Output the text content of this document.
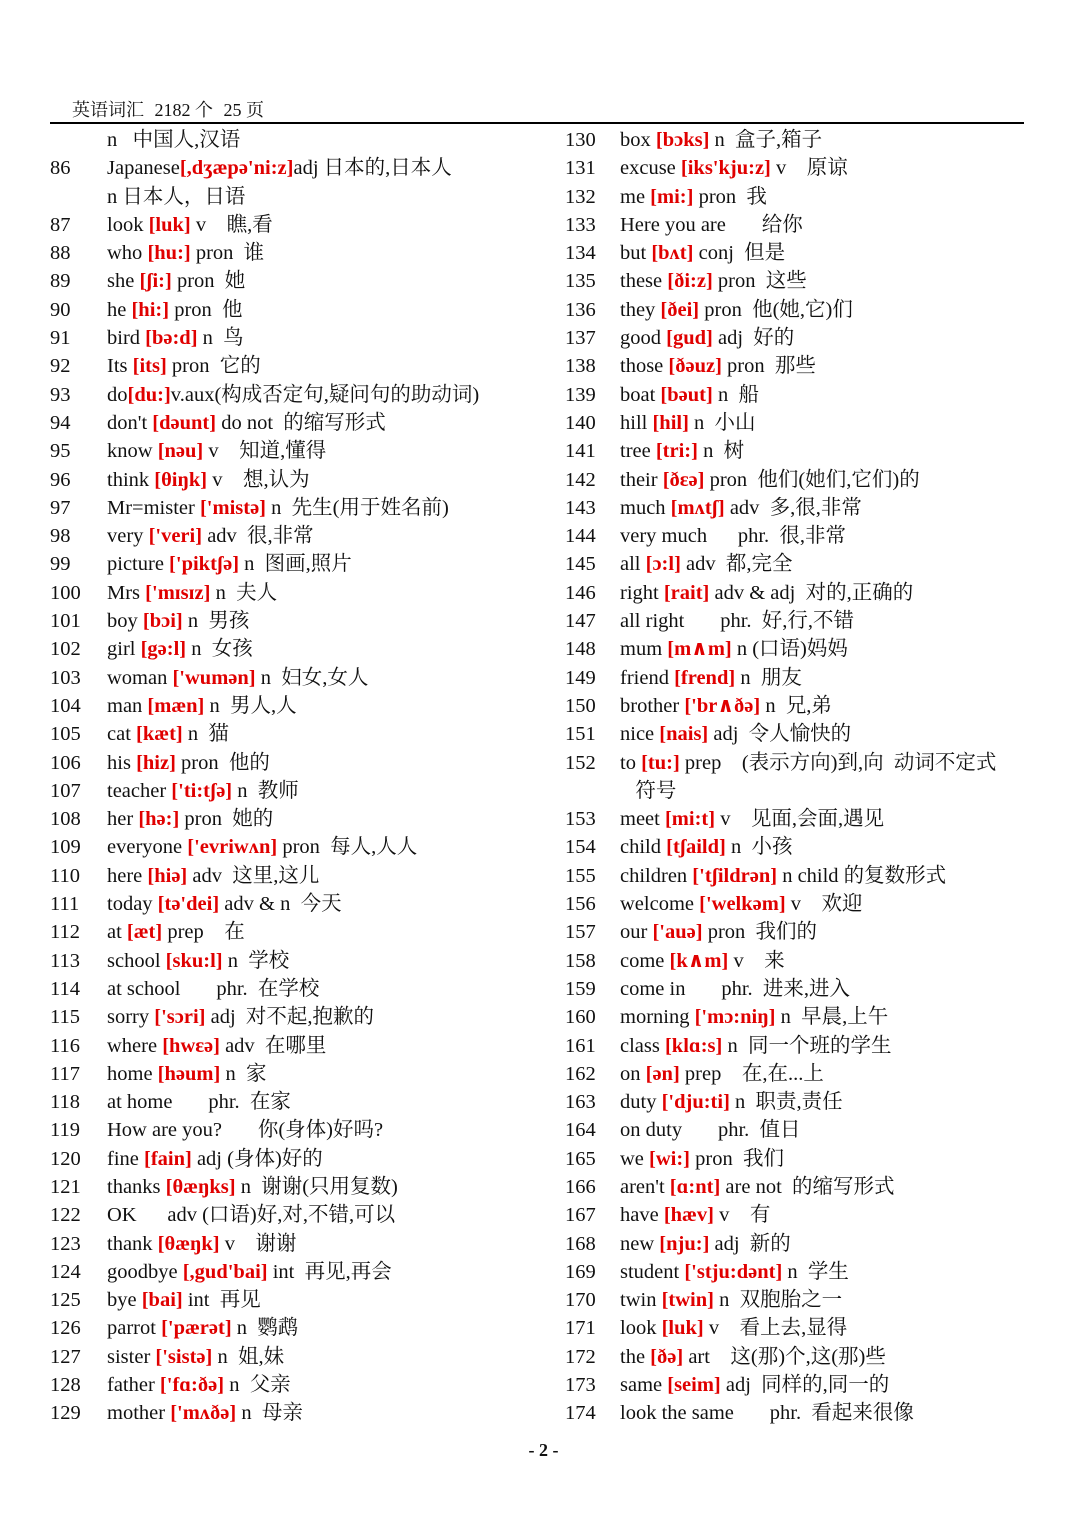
英语词汇 2182 个 25 页
n   中国人,汉语
86	Japanese[,dʒæpə'ni:z]adj 日本的,日本人
n 日本人，日语
87	look [luk] v    瞧,看
88	who [hu:] pron  谁
89	she [ʃi:] pron  她
90	he [hi:] pron  他
91	bird [bə:d] n  鸟
92	Its [its] pron  它的
93	do[du:]v.aux(构成否定句,疑问句的助动词)
94	don't [dəunt] do not  的缩写形式
95	know [nəu] v    知道,懂得
96	think [θiŋk] v    想,认为
97	Mr=mister ['mistə] n  先生(用于姓名前)
98	very ['veri] adv  很,非常
99	picture ['piktʃə] n  图画,照片
100	Mrs ['mɪsɪz] n  夫人
101	boy [bɔi] n  男孩
102	girl [gə:l] n  女孩
103	woman ['wumən] n  妇女,女人
104	man [mæn] n  男人,人
105	cat [kæt] n  猫
106	his [hiz] pron  他的
107	teacher ['ti:tʃə] n  教师
108	her [hə:] pron  她的
109	everyone ['evriwʌn] pron  每人,人人
110	here [hiə] adv  这里,这儿
111	today [tə'dei] adv & n  今天
112	at [æt] prep    在
113	school [sku:l] n  学校
114	at school       phr.  在学校
115	sorry ['sɔri] adj  对不起,抱歉的
116	where [hwɛə] adv  在哪里
117	home [həum] n  家
118	at home       phr.  在家
119	How are you?       你(身体)好吗?
120	fine [fain] adj (身体)好的
121	thanks [θæŋks] n  谢谢(只用复数)
122	OK      adv (口语)好,对,不错,可以
123	thank [θæŋk] v    谢谢
124	goodbye [,gud'bai] int  再见,再会
125	bye [bai] int  再见
126	parrot ['pærət] n  鹦鹉
127	sister ['sistə] n  姐,妹
128	father ['fɑ:ðə] n  父亲
129	mother ['mʌðə] n  母亲
130	box [bɔks] n  盒子,箱子
131	excuse [iks'kju:z] v    原谅
132	me [mi:] pron  我
133	Here you are       给你
134	but [bʌt] conj  但是
135	these [ði:z] pron  这些
136	they [ðei] pron  他(她,它)们
137	good [gud] adj  好的
138	those [ðəuz] pron  那些
139	boat [bəut] n  船
140	hill [hil] n  小山
141	tree [tri:] n  树
142	their [ðɛə] pron  他们(她们,它们)的
143	much [mʌtʃ] adv  多,很,非常
144	very much      phr.  很,非常
145	all [ɔ:l] adv  都,完全
146	right [rait] adv & adj  对的,正确的
147	all right       phr.  好,行,不错
148	mum [m∧m] n (口语)妈妈
149	friend [frend] n  朋友
150	brother ['br∧ðə] n  兄,弟
151	nice [nais] adj  令人愉快的
152	to [tu:] prep    (表示方向)到,向  动词不定式
符号
153	meet [mi:t] v    见面,会面,遇见
154	child [tʃaild] n  小孩
155	children ['tʃildrən] n child 的复数形式
156	welcome ['welkəm] v    欢迎
157	our ['auə] pron  我们的
158	come [k∧m] v    来
159	come in       phr.  进来,进入
160	morning ['mɔ:niŋ] n  早晨,上午
161	class [klɑ:s] n  同一个班的学生
162	on [ən] prep    在,在...上
163	duty ['dju:ti] n  职责,责任
164	on duty       phr.  值日
165	we [wi:] pron  我们
166	aren't [ɑ:nt] are not  的缩写形式
167	have [hæv] v    有
168	new [nju:] adj  新的
169	student ['stju:dənt] n  学生
170	twin [twin] n  双胞胎之一
171	look [luk] v    看上去,显得
172	the [ðə] art    这(那)个,这(那)些
173	same [seim] adj  同样的,同一的
174	look the same       phr.  看起来很像
- 2 -
